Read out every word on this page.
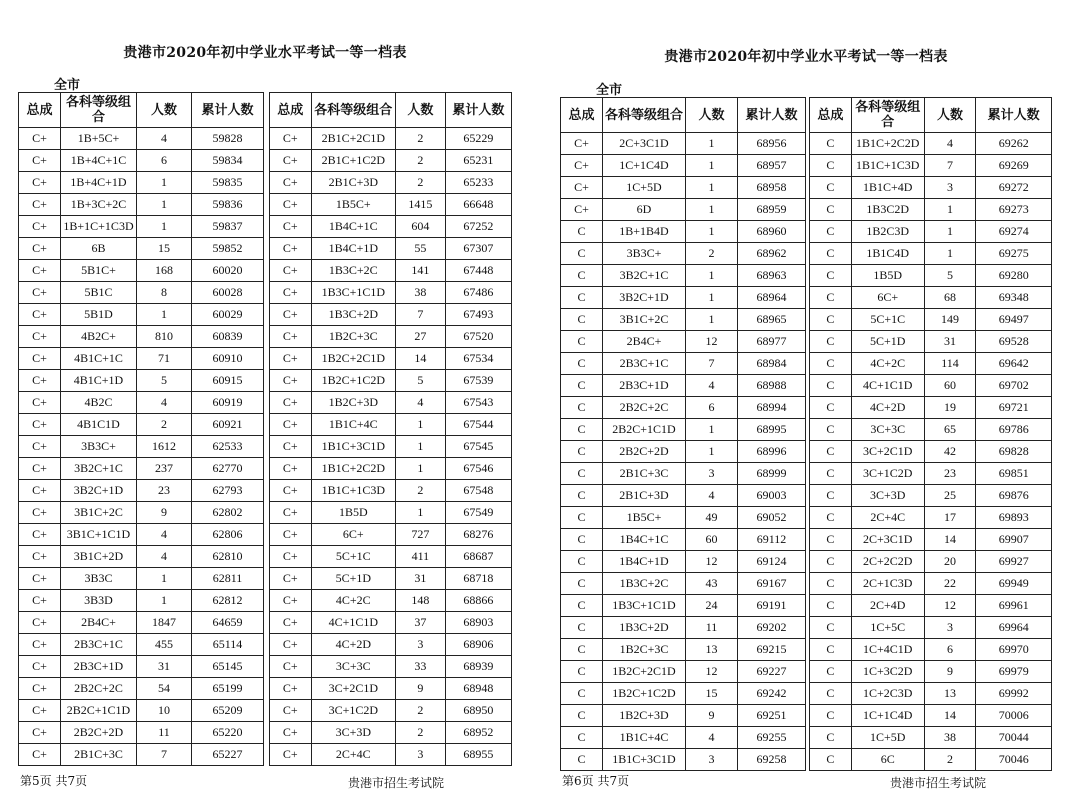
贵港市2020年初中学业水平考试一等一档表
全市
总成	各科等级组合	人数	累计人数
C+	1B+5C+	4	59828
C+	1B+4C+1C	6	59834
C+	1B+4C+1D	1	59835
C+	1B+3C+2C	1	59836
C+	1B+1C+1C3D	1	59837
C+	6B	15	59852
C+	5B1C+	168	60020
C+	5B1C	8	60028
C+	5B1D	1	60029
C+	4B2C+	810	60839
C+	4B1C+1C	71	60910
C+	4B1C+1D	5	60915
C+	4B2C	4	60919
C+	4B1C1D	2	60921
C+	3B3C+	1612	62533
C+	3B2C+1C	237	62770
C+	3B2C+1D	23	62793
C+	3B1C+2C	9	62802
C+	3B1C+1C1D	4	62806
C+	3B1C+2D	4	62810
C+	3B3C	1	62811
C+	3B3D	1	62812
C+	2B4C+	1847	64659
C+	2B3C+1C	455	65114
C+	2B3C+1D	31	65145
C+	2B2C+2C	54	65199
C+	2B2C+1C1D	10	65209
C+	2B2C+2D	11	65220
C+	2B1C+3C	7	65227
总成	各科等级组合	人数	累计人数
C+	2B1C+2C1D	2	65229
C+	2B1C+1C2D	2	65231
C+	2B1C+3D	2	65233
C+	1B5C+	1415	66648
C+	1B4C+1C	604	67252
C+	1B4C+1D	55	67307
C+	1B3C+2C	141	67448
C+	1B3C+1C1D	38	67486
C+	1B3C+2D	7	67493
C+	1B2C+3C	27	67520
C+	1B2C+2C1D	14	67534
C+	1B2C+1C2D	5	67539
C+	1B2C+3D	4	67543
C+	1B1C+4C	1	67544
C+	1B1C+3C1D	1	67545
C+	1B1C+2C2D	1	67546
C+	1B1C+1C3D	2	67548
C+	1B5D	1	67549
C+	6C+	727	68276
C+	5C+1C	411	68687
C+	5C+1D	31	68718
C+	4C+2C	148	68866
C+	4C+1C1D	37	68903
C+	4C+2D	3	68906
C+	3C+3C	33	68939
C+	3C+2C1D	9	68948
C+	3C+1C2D	2	68950
C+	3C+3D	2	68952
C+	2C+4C	3	68955
第5页 共7页	贵港市招生考试院
贵港市2020年初中学业水平考试一等一档表
全市
总成	各科等级组合	人数	累计人数
C+	2C+3C1D	1	68956
C+	1C+1C4D	1	68957
C+	1C+5D	1	68958
C+	6D	1	68959
C	1B+1B4D	1	68960
C	3B3C+	2	68962
C	3B2C+1C	1	68963
C	3B2C+1D	1	68964
C	3B1C+2C	1	68965
C	2B4C+	12	68977
C	2B3C+1C	7	68984
C	2B3C+1D	4	68988
C	2B2C+2C	6	68994
C	2B2C+1C1D	1	68995
C	2B2C+2D	1	68996
C	2B1C+3C	3	68999
C	2B1C+3D	4	69003
C	1B5C+	49	69052
C	1B4C+1C	60	69112
C	1B4C+1D	12	69124
C	1B3C+2C	43	69167
C	1B3C+1C1D	24	69191
C	1B3C+2D	11	69202
C	1B2C+3C	13	69215
C	1B2C+2C1D	12	69227
C	1B2C+1C2D	15	69242
C	1B2C+3D	9	69251
C	1B1C+4C	4	69255
C	1B1C+3C1D	3	69258
总成	各科等级组合	人数	累计人数
C	1B1C+2C2D	4	69262
C	1B1C+1C3D	7	69269
C	1B1C+4D	3	69272
C	1B3C2D	1	69273
C	1B2C3D	1	69274
C	1B1C4D	1	69275
C	1B5D	5	69280
C	6C+	68	69348
C	5C+1C	149	69497
C	5C+1D	31	69528
C	4C+2C	114	69642
C	4C+1C1D	60	69702
C	4C+2D	19	69721
C	3C+3C	65	69786
C	3C+2C1D	42	69828
C	3C+1C2D	23	69851
C	3C+3D	25	69876
C	2C+4C	17	69893
C	2C+3C1D	14	69907
C	2C+2C2D	20	69927
C	2C+1C3D	22	69949
C	2C+4D	12	69961
C	1C+5C	3	69964
C	1C+4C1D	6	69970
C	1C+3C2D	9	69979
C	1C+2C3D	13	69992
C	1C+1C4D	14	70006
C	1C+5D	38	70044
C	6C	2	70046
第6页 共7页	贵港市招生考试院
